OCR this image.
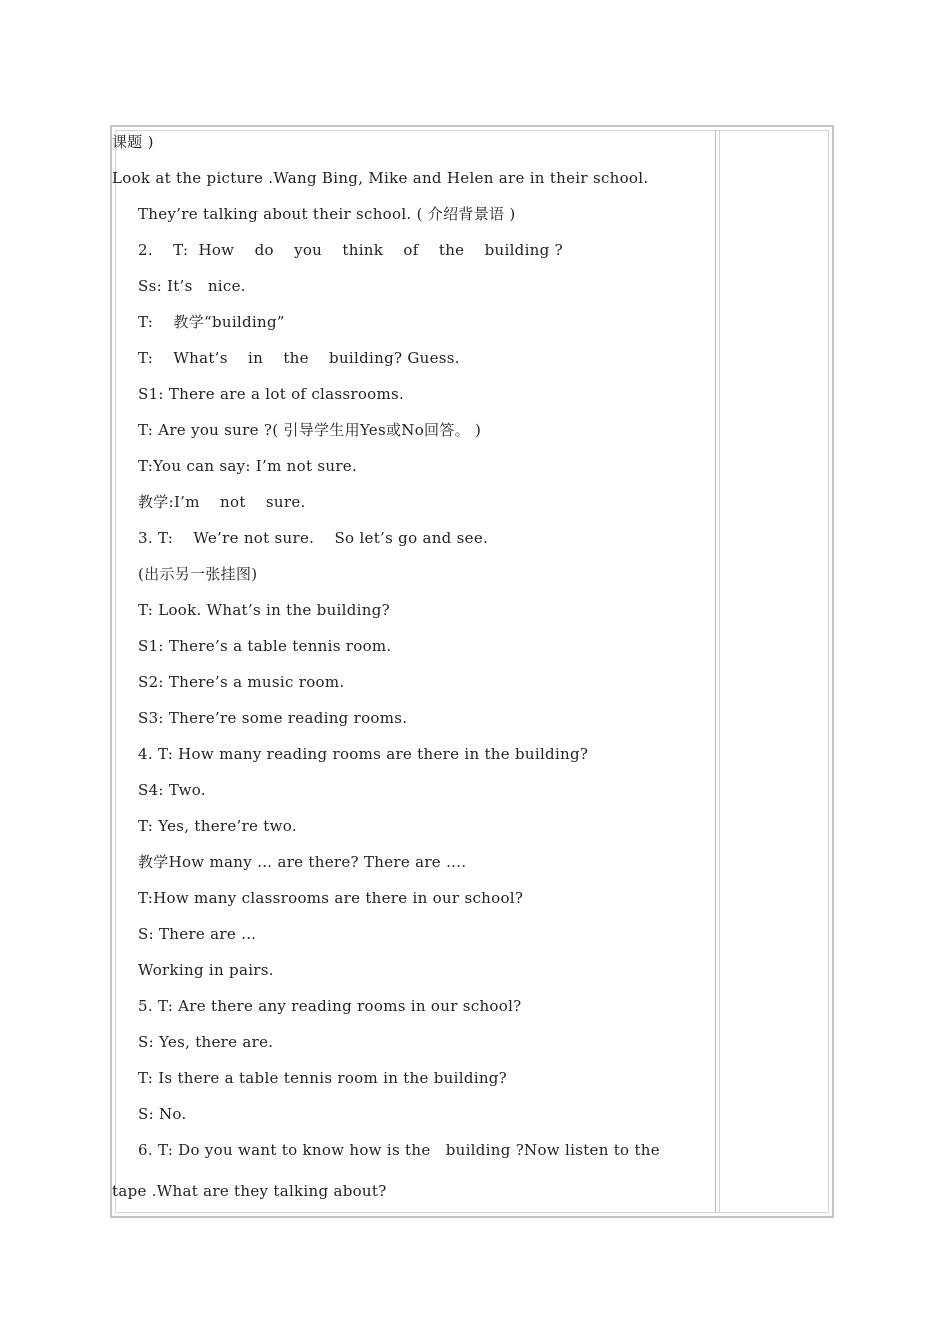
课题 )
Look at the picture .Wang Bing, Mike and Helen are in their school.
They’re talking about their school. ( 介绍背景语 )
2.    T:  How    do    you    think    of    the    building ?
Ss: It’s   nice.
T:    教学“building”
T:    What’s    in    the    building? Guess.
S1: There are a lot of classrooms.
T: Are you sure ?( 引导学生用Yes或No回答。 )
T:You can say: I’m not sure.
教学:I’m    not    sure.
3. T:    We’re not sure.    So let’s go and see.
(出示另一张挂图)
T: Look. What’s in the building?
S1: There’s a table tennis room.
S2: There’s a music room.
S3: There’re some reading rooms.
4. T: How many reading rooms are there in the building?
S4: Two.
T: Yes, there’re two.
教学How many … are there? There are ….
T:How many classrooms are there in our school?
S: There are …
Working in pairs.
5. T: Are there any reading rooms in our school?
S: Yes, there are.
T: Is there a table tennis room in the building?
S: No.
6. T: Do you want to know how is the   building ?Now listen to the
tape .What are they talking about?
